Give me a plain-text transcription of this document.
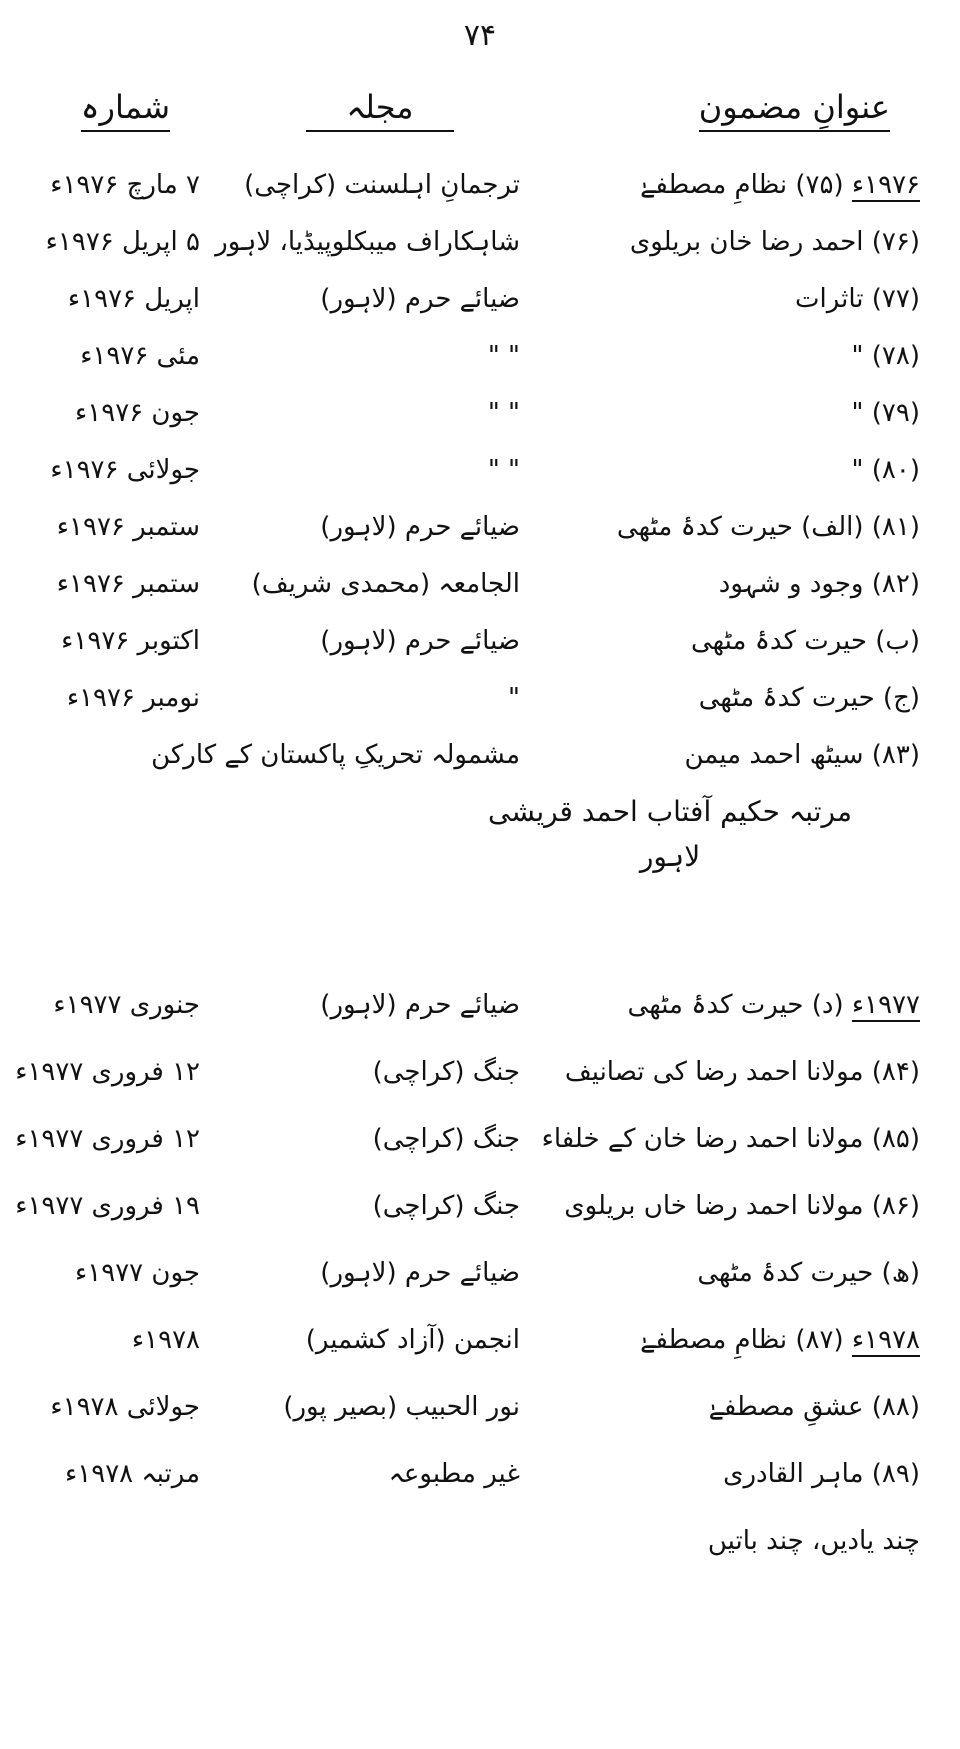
۷۴
عنوانِ مضمون
مجلہ
شمارہ
۱۹۷۶ء (۷۵) نظامِ مصطفےٰ
ترجمانِ اہلسنت (کراچی)
۷ مارچ ۱۹۷۶ء
(۷۶) احمد رضا خان بریلوی
شاہکاراف میبکلوپیڈیا، لاہور
۵ اپریل ۱۹۷۶ء
(۷۷) تاثرات
ضیائے حرم (لاہور)
اپریل ۱۹۷۶ء
(۷۸) "
" "
مئی ۱۹۷۶ء
(۷۹) "
" "
جون ۱۹۷۶ء
(۸۰) "
" "
جولائی ۱۹۷۶ء
(۸۱) (الف) حیرت کدۂ مٹھی
ضیائے حرم (لاہور)
ستمبر ۱۹۷۶ء
(۸۲) وجود و شہود
الجامعہ (محمدی شریف)
ستمبر ۱۹۷۶ء
(ب) حیرت کدۂ مٹھی
ضیائے حرم (لاہور)
اکتوبر ۱۹۷۶ء
(ج) حیرت کدۂ مٹھی
"
نومبر ۱۹۷۶ء
(۸۳) سیٹھ احمد میمن
مشمولہ تحریکِ پاکستان کے کارکن
مرتبہ حکیم آفتاب احمد قریشی
لاہور
۱۹۷۷ء (د) حیرت کدۂ مٹھی
ضیائے حرم (لاہور)
جنوری ۱۹۷۷ء
(۸۴) مولانا احمد رضا کی تصانیف
جنگ (کراچی)
۱۲ فروری ۱۹۷۷ء
(۸۵) مولانا احمد رضا خان کے خلفاء
جنگ (کراچی)
۱۲ فروری ۱۹۷۷ء
(۸۶) مولانا احمد رضا خاں بریلوی
جنگ (کراچی)
۱۹ فروری ۱۹۷۷ء
(ھ) حیرت کدۂ مٹھی
ضیائے حرم (لاہور)
جون ۱۹۷۷ء
۱۹۷۸ء (۸۷) نظامِ مصطفےٰ
انجمن (آزاد کشمیر)
۱۹۷۸ء
(۸۸) عشقِ مصطفےٰ
نور الحبیب (بصیر پور)
جولائی ۱۹۷۸ء
(۸۹) ماہر القادری
غیر مطبوعہ
مرتبہ ۱۹۷۸ء
چند یادیں، چند باتیں
